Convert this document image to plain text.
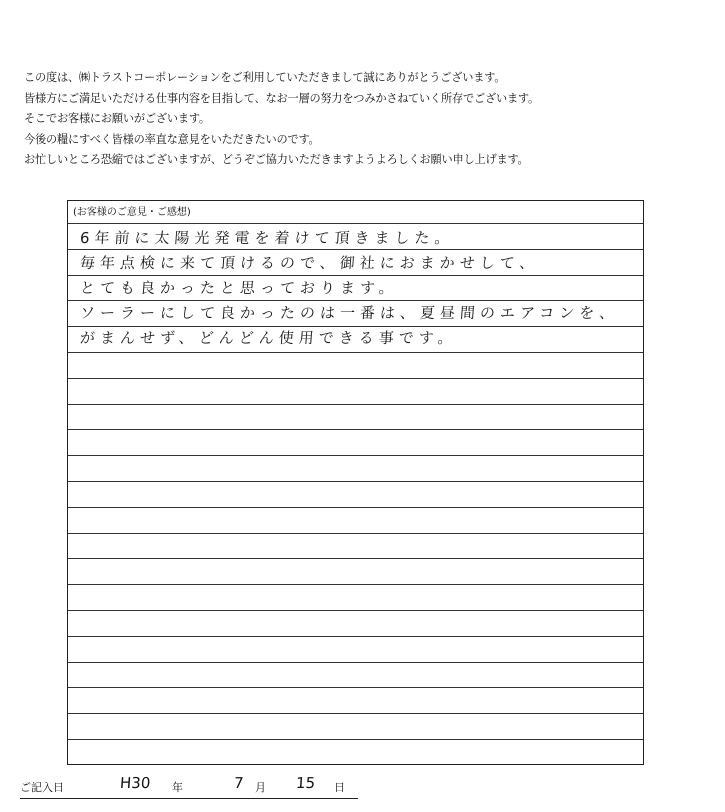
この度は、㈱トラストコーポレーションをご利用していただきまして誠にありがとうございます。
皆様方にご満足いただける仕事内容を目指して、なお一層の努力をつみかさねていく所存でございます。
そこでお客様にお願いがございます。
今後の糧にすべく皆様の率直な意見をいただきたいのです。
お忙しいところ恐縮ではございますが、どうぞご協力いただきますようよろしくお願い申し上げます。
(お客様のご意見・ご感想)
6年前に太陽光発電を着けて頂きました。
毎年点検に来て頂けるので、御社におまかせして、
とても良かったと思っております。
ソーラーにして良かったのは一番は、夏昼間のエアコンを、
がまんせず、どんどん使用できる事です。
ご記入日	H30 年	7 月 15 日
